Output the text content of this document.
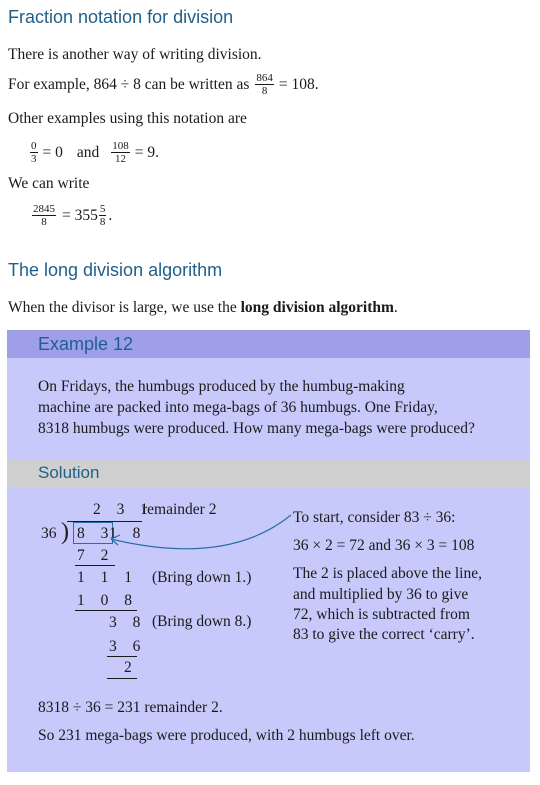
Fraction notation for division
There is another way of writing division.
For example, 864 ÷ 8 can be written as $\frac{864}{8} = 108$.
Other examples using this notation are
$\frac{0}{3} = 0$ and $\frac{108}{12} = 9$.
We can write
$\frac{2845}{8} = 355 \frac{5}{8}$ .
The long division algorithm
When the divisor is large, we use the long division algorithm.
Example 12
On Fridays, the humbugs produced by the humbug-making
machine are packed into mega-bags of 36 humbugs. One Friday,
8318 humbugs were produced. How many mega-bags were produced?
Solution
2 3 1
remainder 2
36 ) 8 3
1 8
7 2
1 1 1 (Bring down 1.)
1 0 8
3 8 (Bring down 8.)
3 6
2
To start, consider 83 ÷ 36:
36 × 2 = 72 and 36 × 3 = 108
The 2 is placed above the line,
and multiplied by 36 to give
72, which is subtracted from
83 to give the correct ‘carry’.
8318 ÷ 36 = 231 remainder 2.
So 231 mega-bags were produced, with 2 humbugs left over.
